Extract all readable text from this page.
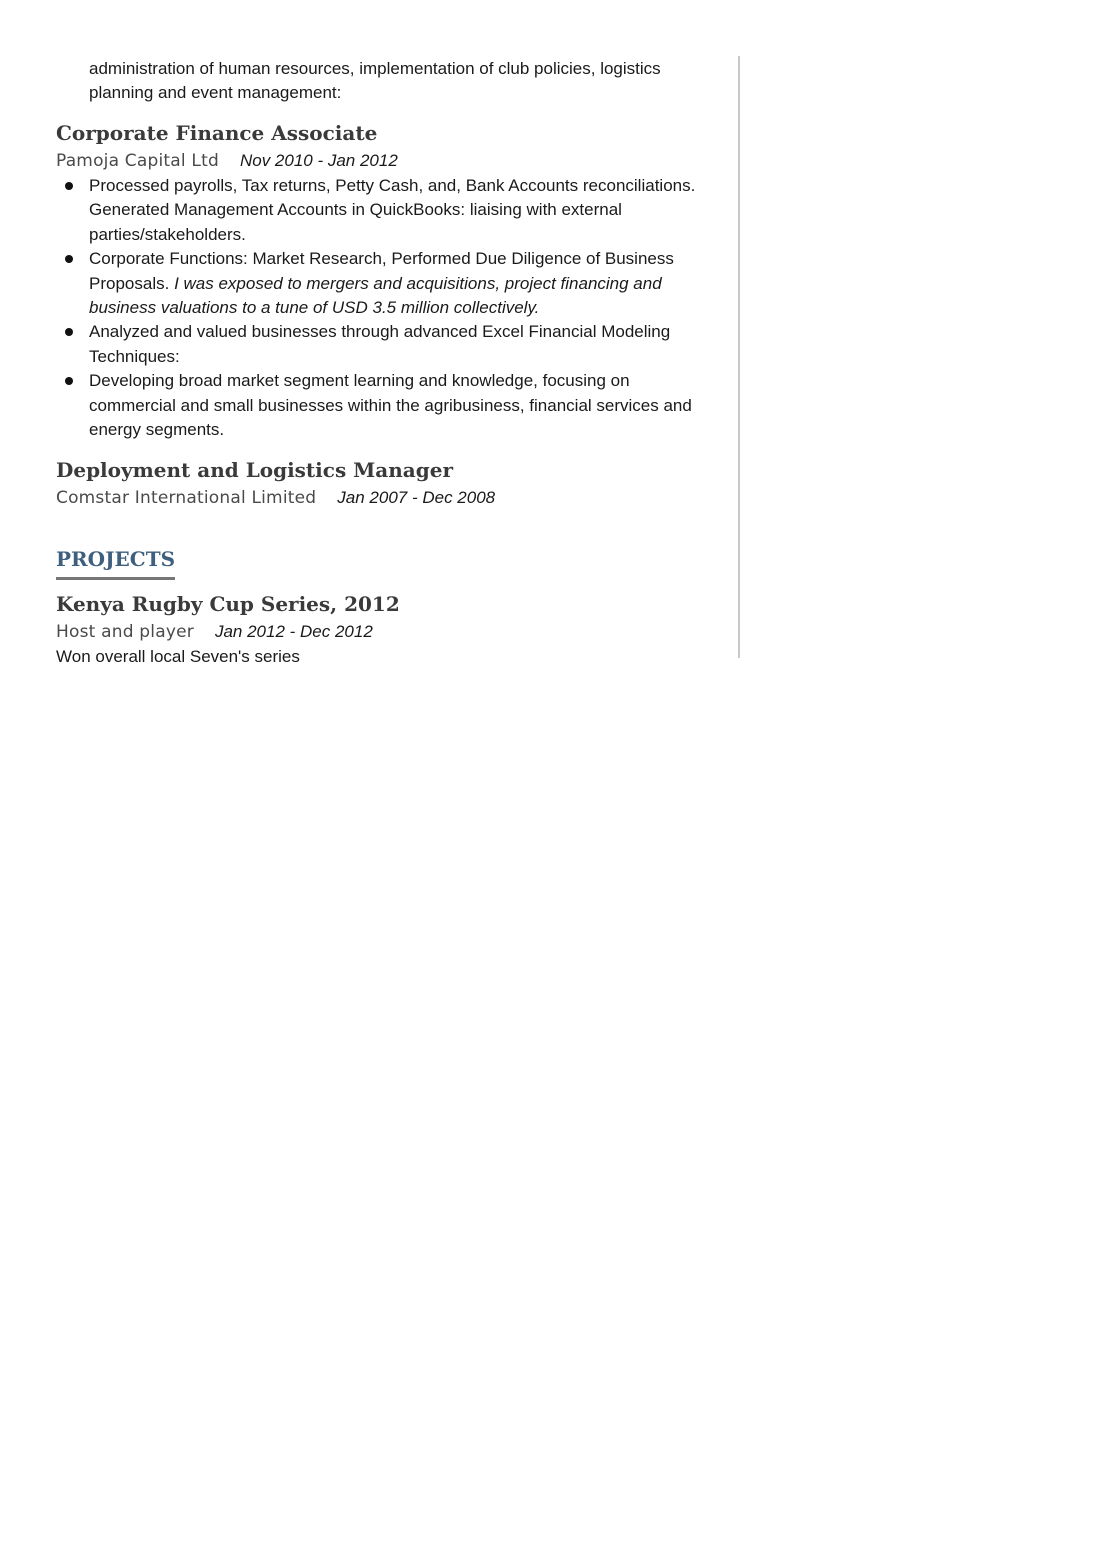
administration of human resources, implementation of club policies, logistics

planning and event management:

Corporate Finance Associate

Pamoja Capital Ltd Nov 2010 - Jan 2012

Processed payrolls, Tax returns, Petty Cash, and, Bank Accounts reconciliations. Generated Management Accounts in QuickBooks: liaising with external parties/stakeholders.
Corporate Functions: Market Research, Performed Due Diligence of Business Proposals. I was exposed to mergers and acquisitions, project financing and business valuations to a tune of USD 3.5 million collectively.
Analyzed and valued businesses through advanced Excel Financial Modeling Techniques:
Developing broad market segment learning and knowledge, focusing on commercial and small businesses within the agribusiness, financial services and energy segments.

Deployment and Logistics Manager

Comstar International Limited Jan 2007 - Dec 2008

PROJECTS

Kenya Rugby Cup Series, 2012

Host and player Jan 2012 - Dec 2012

Won overall local Seven's series
